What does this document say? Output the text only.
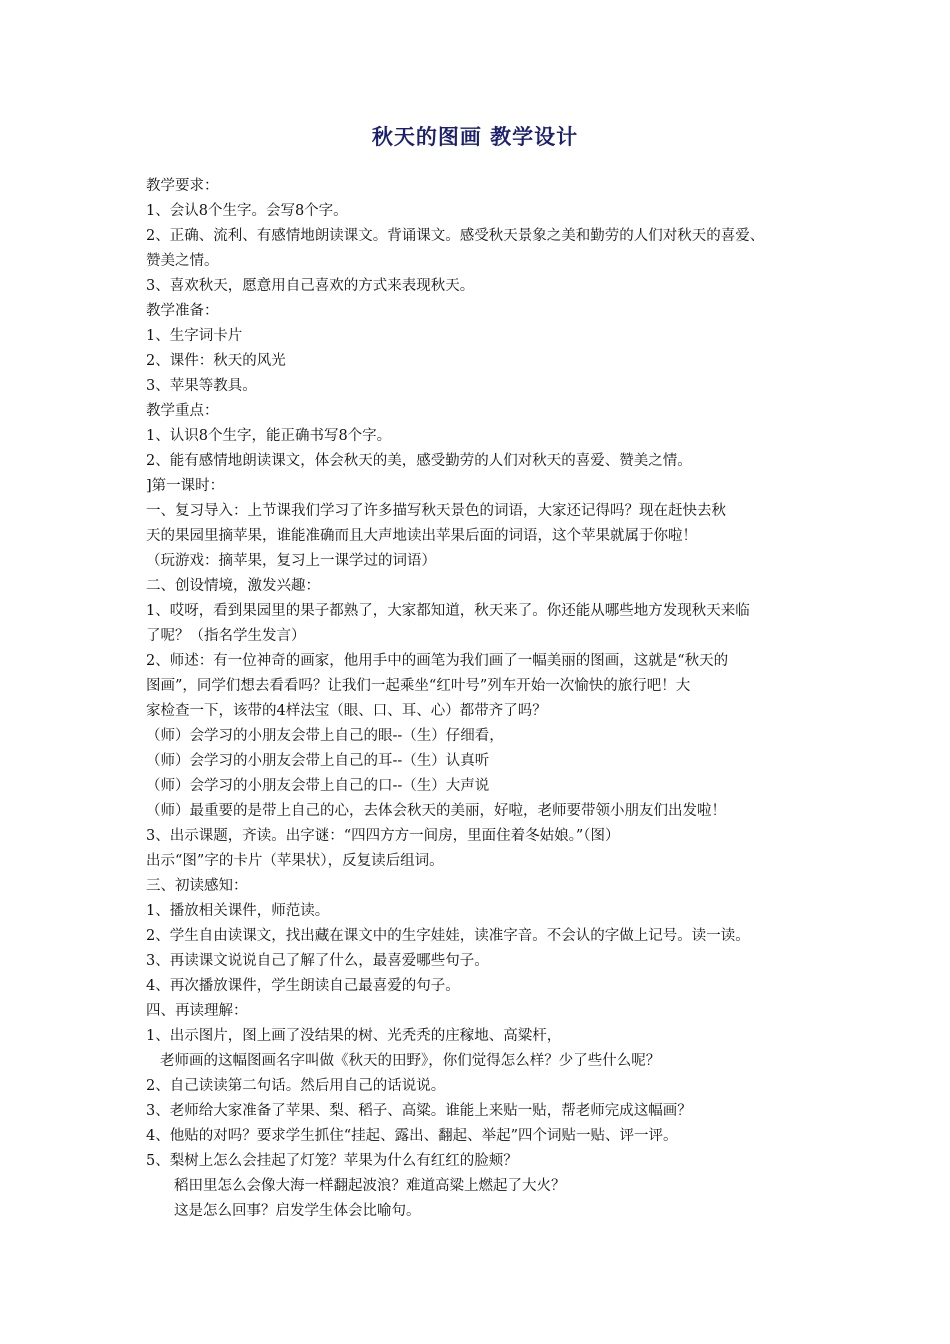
秋天的图画 教学设计
教学要求：
1、会认8个生字。会写8个字。
2、正确、流利、有感情地朗读课文。背诵课文。感受秋天景象之美和勤劳的人们对秋天的喜爱、
赞美之情。
3、喜欢秋天，愿意用自己喜欢的方式来表现秋天。
教学准备：
1、生字词卡片
2、课件：秋天的风光
3、苹果等教具。
教学重点：
1、认识8个生字，能正确书写8个字。
2、能有感情地朗读课文，体会秋天的美，感受勤劳的人们对秋天的喜爱、赞美之情。
]第一课时：
一、复习导入：上节课我们学习了许多描写秋天景色的词语，大家还记得吗？现在赶快去秋
天的果园里摘苹果，谁能准确而且大声地读出苹果后面的词语，这个苹果就属于你啦！
（玩游戏：摘苹果，复习上一课学过的词语）
二、创设情境，激发兴趣：
1、哎呀，看到果园里的果子都熟了，大家都知道，秋天来了。你还能从哪些地方发现秋天来临
了呢？（指名学生发言）
2、师述：有一位神奇的画家，他用手中的画笔为我们画了一幅美丽的图画，这就是“秋天的
图画”，同学们想去看看吗？让我们一起乘坐“红叶号”列车开始一次愉快的旅行吧！大
家检查一下，该带的4样法宝（眼、口、耳、心）都带齐了吗？
（师）会学习的小朋友会带上自己的眼--（生）仔细看，
（师）会学习的小朋友会带上自己的耳--（生）认真听
（师）会学习的小朋友会带上自己的口--（生）大声说
（师）最重要的是带上自己的心，去体会秋天的美丽，好啦，老师要带领小朋友们出发啦！
3、出示课题，齐读。出字谜：“四四方方一间房，里面住着冬姑娘。”（图）
出示“图”字的卡片（苹果状），反复读后组词。
三、初读感知：
1、播放相关课件，师范读。
2、学生自由读课文，找出藏在课文中的生字娃娃，读准字音。不会认的字做上记号。读一读。
3、再读课文说说自己了解了什么，最喜爱哪些句子。
4、再次播放课件，学生朗读自己最喜爱的句子。
四、再读理解：
1、出示图片，图上画了没结果的树、光秃秃的庄稼地、高粱杆，
老师画的这幅图画名字叫做《秋天的田野》，你们觉得怎么样？少了些什么呢？
2、自己读读第二句话。然后用自己的话说说。
3、老师给大家准备了苹果、梨、稻子、高粱。谁能上来贴一贴，帮老师完成这幅画？
4、他贴的对吗？要求学生抓住“挂起、露出、翻起、举起”四个词贴一贴、评一评。
5、梨树上怎么会挂起了灯笼？苹果为什么有红红的脸颊？
稻田里怎么会像大海一样翻起波浪？难道高粱上燃起了大火？
这是怎么回事？启发学生体会比喻句。
